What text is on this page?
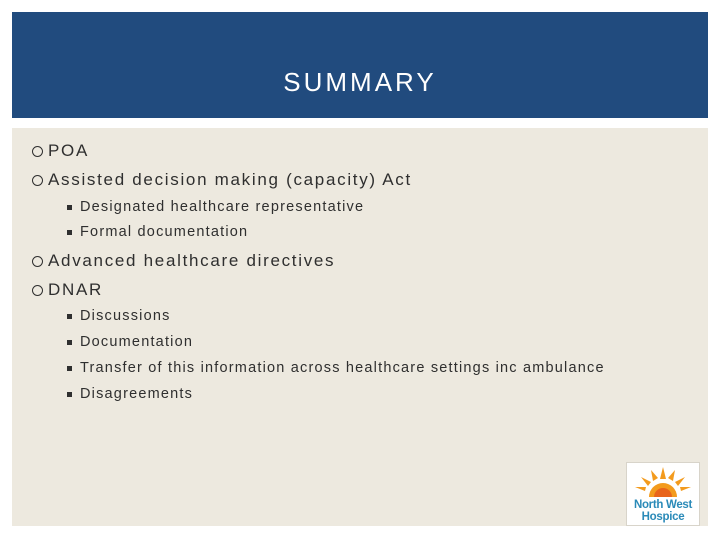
SUMMARY
POA
Assisted decision making (capacity) Act
Designated healthcare representative
Formal documentation
Advanced healthcare directives
DNAR
Discussions
Documentation
Transfer of this information across healthcare settings inc ambulance
Disagreements
North West
Hospice
